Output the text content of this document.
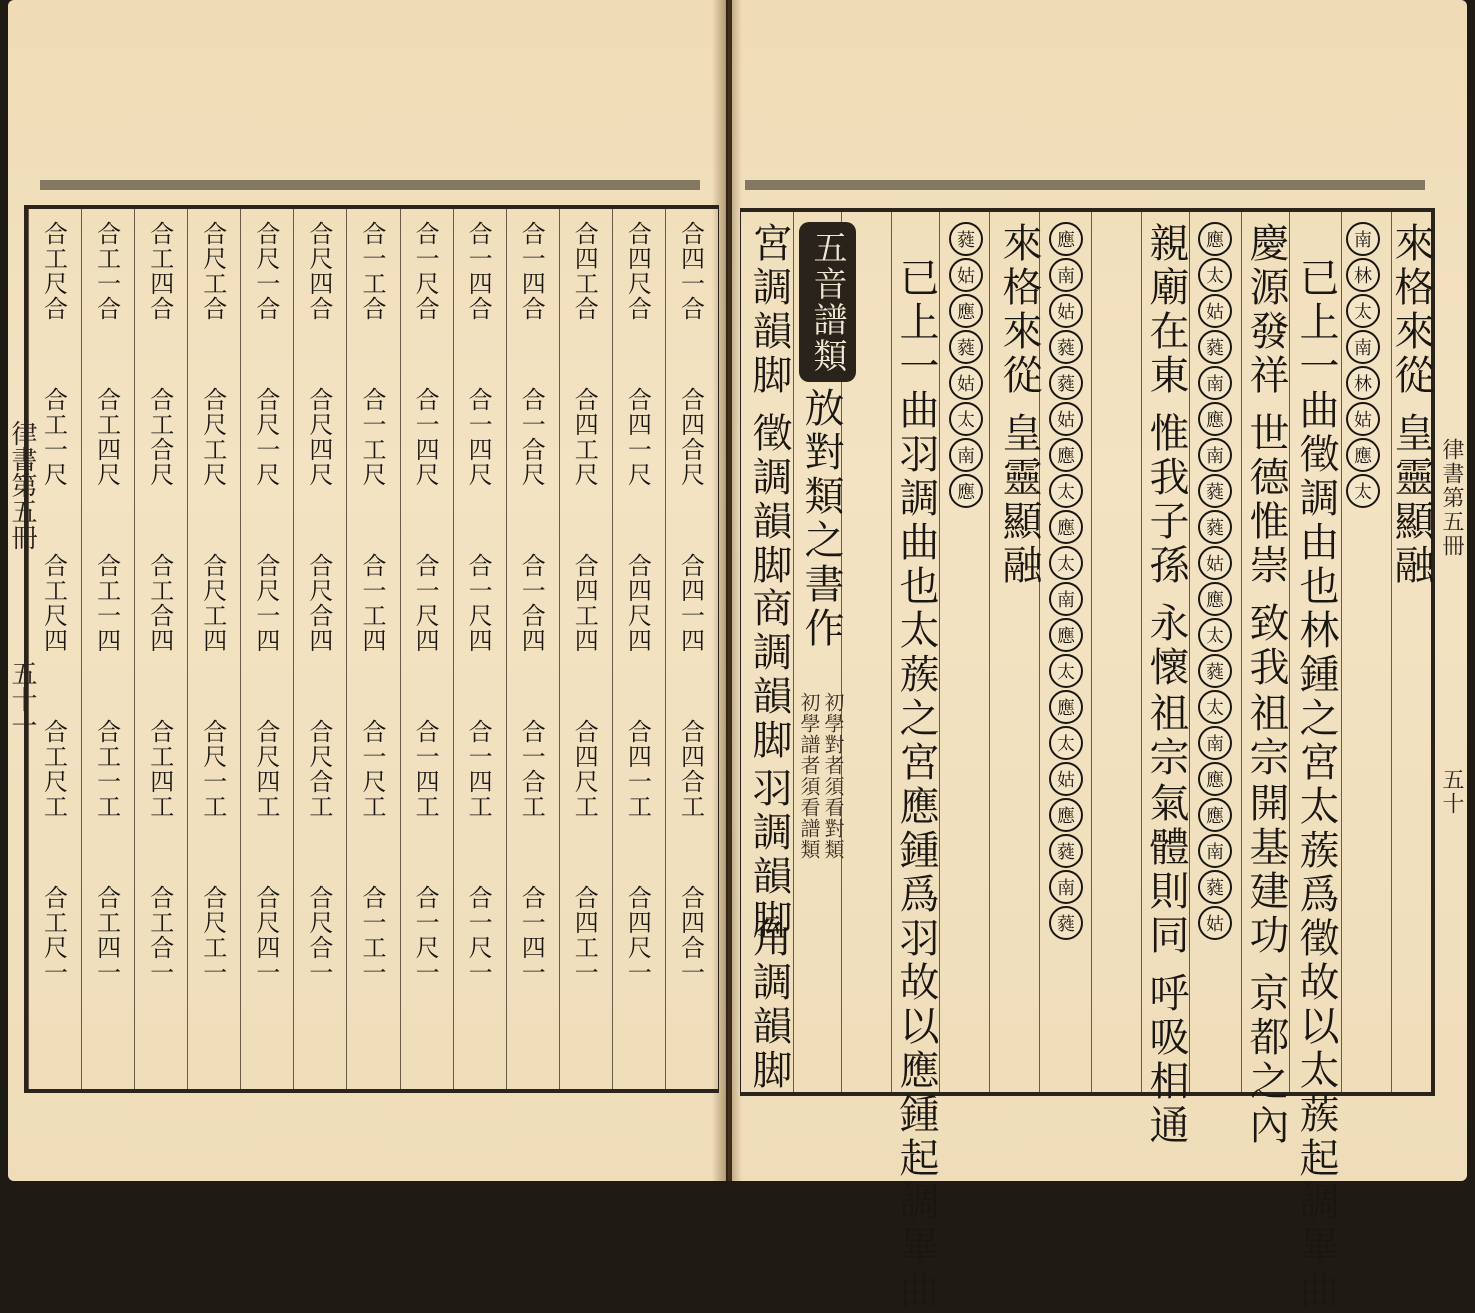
合四一合
合四合尺
合四一四
合四合工
合四合一
合四尺合
合四一尺
合四尺四
合四一工
合四尺一
合四工合
合四工尺
合四工四
合四尺工
合四工一
合一四合
合一合尺
合一合四
合一合工
合一四一
合一四合
合一四尺
合一尺四
合一四工
合一尺一
合一尺合
合一四尺
合一尺四
合一四工
合一尺一
合一工合
合一工尺
合一工四
合一尺工
合一工一
合尺四合
合尺四尺
合尺合四
合尺合工
合尺合一
合尺一合
合尺一尺
合尺一四
合尺四工
合尺四一
合尺工合
合尺工尺
合尺工四
合尺一工
合尺工一
合工四合
合工合尺
合工合四
合工四工
合工合一
合工一合
合工四尺
合工一四
合工一工
合工四一
合工尺合
合工一尺
合工尺四
合工尺工
合工尺一
律書第五冊
五十一
來格來從
皇靈顯融
南
林
太
南
林
姑
應
太
已上一曲徵調由也林鍾之宮太蔟爲徵故以太蔟起調畢曲
慶源發祥
世德惟崇
致我
祖宗
開基建功
京都之內
應
太
姑
蕤
南
應
南
蕤
蕤
姑
應
太
蕤
太
南
應
應
南
蕤
姑
親廟在東
惟我子孫
永懷
祖宗
氣體則同
呼吸相通
應
南
姑
蕤
蕤
姑
應
太
應
太
南
應
太
應
太
姑
應
蕤
南
蕤
來格來從
皇靈顯融
蕤
姑
應
蕤
姑
太
南
應
已上一曲羽調曲也太蔟之宮應鍾爲羽故以應鍾起調畢曲
五音譜類
放對類之書作
初學對者須看對類
初學譜者須看譜類
宮調韻脚
徵調韻脚
商調韻脚
羽調韻脚
角調韻脚
律書第五冊
五十
